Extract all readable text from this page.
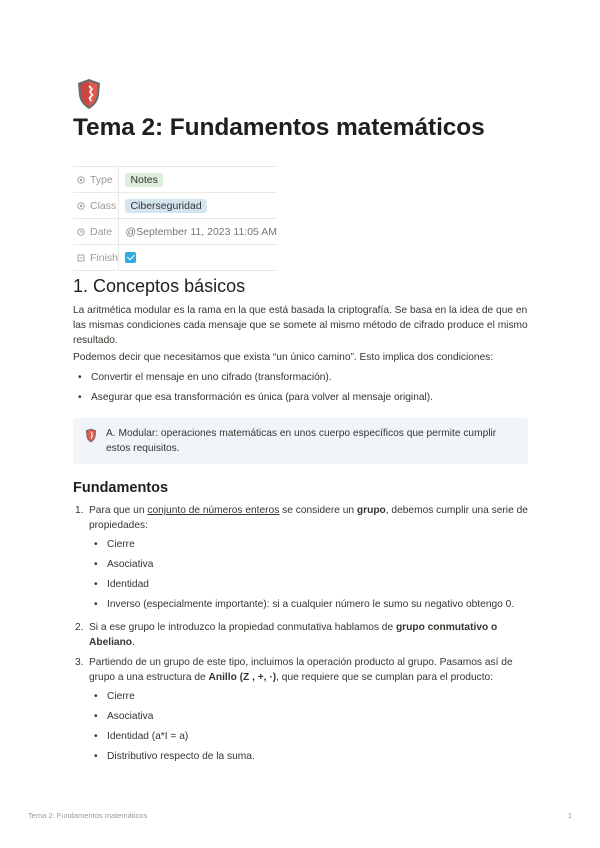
Tema 2: Fundamentos matemáticos
Type	Notes
Class	Ciberseguridad
Date	@September 11, 2023 11:05 AM
Finish	
1. Conceptos básicos

La aritmética modular es la rama en la que está basada la criptografía. Se basa en la idea de que en las mismas condiciones cada mensaje que se somete al mismo método de cifrado produce el mismo resultado.

Podemos decir que necesitamos que exista “un único camino”. Esto implica dos condiciones:

• Convertir el mensaje en uno cifrado (transformación).
• Asegurar que esa transformación es única (para volver al mensaje original).
A. Modular: operaciones matemáticas en unos cuerpo específicos que permite cumplir estos requisitos.
Fundamentos
1. Para que un conjunto de números enteros se considere un grupo, debemos cumplir una serie de propiedades:
• Cierre
• Asociativa
• Identidad
• Inverso (especialmente importante): si a cualquier número le sumo su negativo obtengo 0.
2. Si a ese grupo le introduzco la propiedad conmutativa hablamos de grupo conmutativo o Abeliano.
3. Partiendo de un grupo de este tipo, incluimos la operación producto al grupo. Pasamos así de grupo a una estructura de Anillo (Z , +, ·), que requiere que se cumplan para el producto:
• Cierre
• Asociativa
• Identidad (a*I = a)
• Distributivo respecto de la suma.
Tema 2: Fundamentos matemáticos	1
